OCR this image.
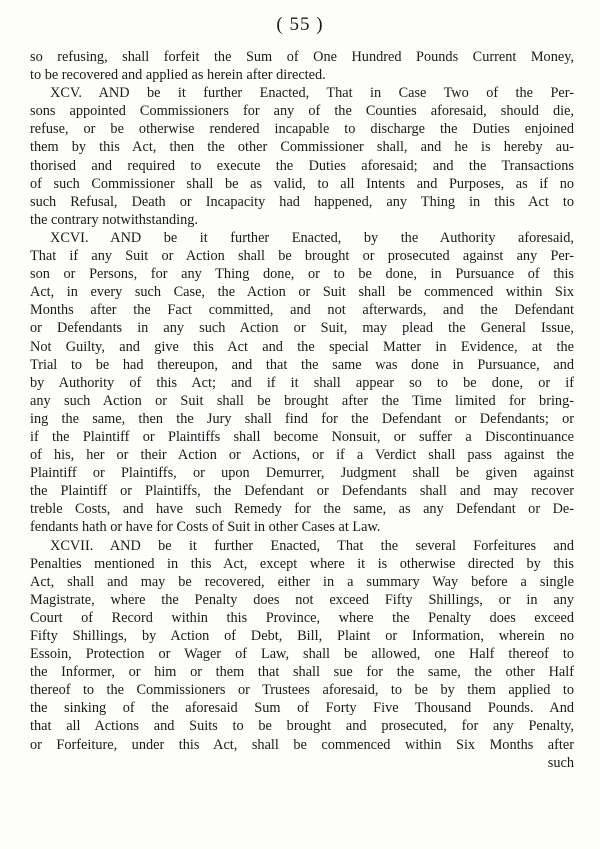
( 55 )
so refusing, shall forfeit the Sum of One Hundred Pounds Current Money,
to be recovered and applied as herein after directed.
XCV. AND be it further Enacted, That in Case Two of the Per-
sons appointed Commissioners for any of the Counties aforesaid, should die,
refuse, or be otherwise rendered incapable to discharge the Duties enjoined
them by this Act, then the other Commissioner shall, and he is hereby au-
thorised and required to execute the Duties aforesaid; and the Transactions
of such Commissioner shall be as valid, to all Intents and Purposes, as if no
such Refusal, Death or Incapacity had happened, any Thing in this Act to
the contrary notwithstanding.
XCVI. AND be it further Enacted, by the Authority aforesaid,
That if any Suit or Action shall be brought or prosecuted against any Per-
son or Persons, for any Thing done, or to be done, in Pursuance of this
Act, in every such Case, the Action or Suit shall be commenced within Six
Months after the Fact committed, and not afterwards, and the Defendant
or Defendants in any such Action or Suit, may plead the General Issue,
Not Guilty, and give this Act and the special Matter in Evidence, at the
Trial to be had thereupon, and that the same was done in Pursuance, and
by Authority of this Act; and if it shall appear so to be done, or if
any such Action or Suit shall be brought after the Time limited for bring-
ing the same, then the Jury shall find for the Defendant or Defendants; or
if the Plaintiff or Plaintiffs shall become Nonsuit, or suffer a Discontinuance
of his, her or their Action or Actions, or if a Verdict shall pass against the
Plaintiff or Plaintiffs, or upon Demurrer, Judgment shall be given against
the Plaintiff or Plaintiffs, the Defendant or Defendants shall and may recover
treble Costs, and have such Remedy for the same, as any Defendant or De-
fendants hath or have for Costs of Suit in other Cases at Law.
XCVII. AND be it further Enacted, That the several Forfeitures and
Penalties mentioned in this Act, except where it is otherwise directed by this
Act, shall and may be recovered, either in a summary Way before a single
Magistrate, where the Penalty does not exceed Fifty Shillings, or in any
Court of Record within this Province, where the Penalty does exceed
Fifty Shillings, by Action of Debt, Bill, Plaint or Information, wherein no
Essoin, Protection or Wager of Law, shall be allowed, one Half thereof to
the Informer, or him or them that shall sue for the same, the other Half
thereof to the Commissioners or Trustees aforesaid, to be by them applied to
the sinking of the aforesaid Sum of Forty Five Thousand Pounds. And
that all Actions and Suits to be brought and prosecuted, for any Penalty,
or Forfeiture, under this Act, shall be commenced within Six Months after
such
